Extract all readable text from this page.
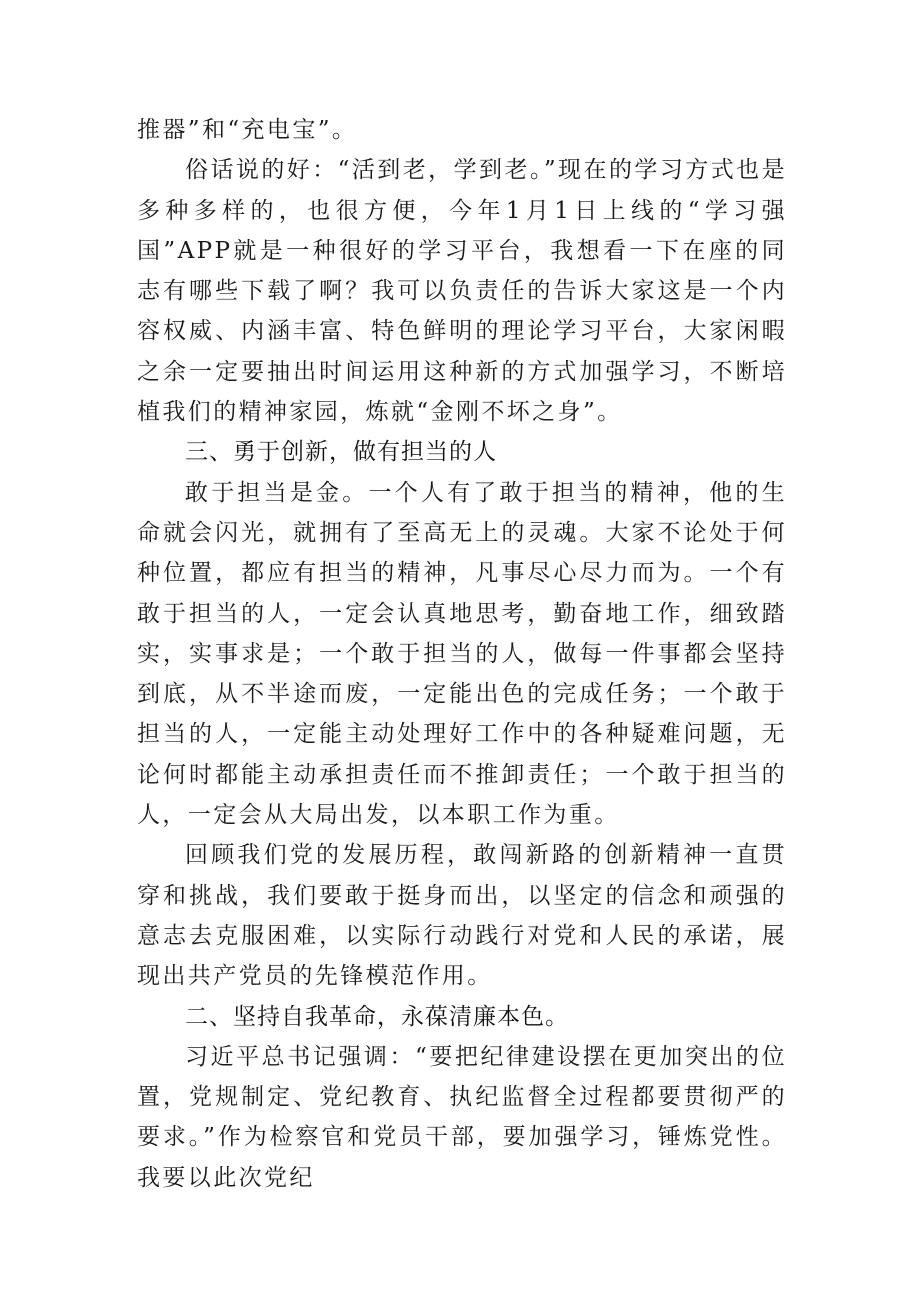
推器”和“充电宝”。

俗话说的好：“活到老，学到老。”现在的学习方式也是多种多样的，也很方便，今年1月1日上线的“学习强国”APP就是一种很好的学习平台，我想看一下在座的同志有哪些下载了啊？我可以负责任的告诉大家这是一个内容权威、内涵丰富、特色鲜明的理论学习平台，大家闲暇之余一定要抽出时间运用这种新的方式加强学习，不断培植我们的精神家园，炼就“金刚不坏之身”。

三、勇于创新，做有担当的人

敢于担当是金。一个人有了敢于担当的精神，他的生命就会闪光，就拥有了至高无上的灵魂。大家不论处于何种位置，都应有担当的精神，凡事尽心尽力而为。一个有敢于担当的人，一定会认真地思考，勤奋地工作，细致踏实，实事求是；一个敢于担当的人，做每一件事都会坚持到底，从不半途而废，一定能出色的完成任务；一个敢于担当的人，一定能主动处理好工作中的各种疑难问题，无论何时都能主动承担责任而不推卸责任；一个敢于担当的人，一定会从大局出发，以本职工作为重。

回顾我们党的发展历程，敢闯新路的创新精神一直贯穿和挑战，我们要敢于挺身而出，以坚定的信念和顽强的意志去克服困难，以实际行动践行对党和人民的承诺，展现出共产党员的先锋模范作用。

二、坚持自我革命，永葆清廉本色。

习近平总书记强调：“要把纪律建设摆在更加突出的位置，党规制定、党纪教育、执纪监督全过程都要贯彻严的要求。”作为检察官和党员干部，要加强学习，锤炼党性。我要以此次党纪
